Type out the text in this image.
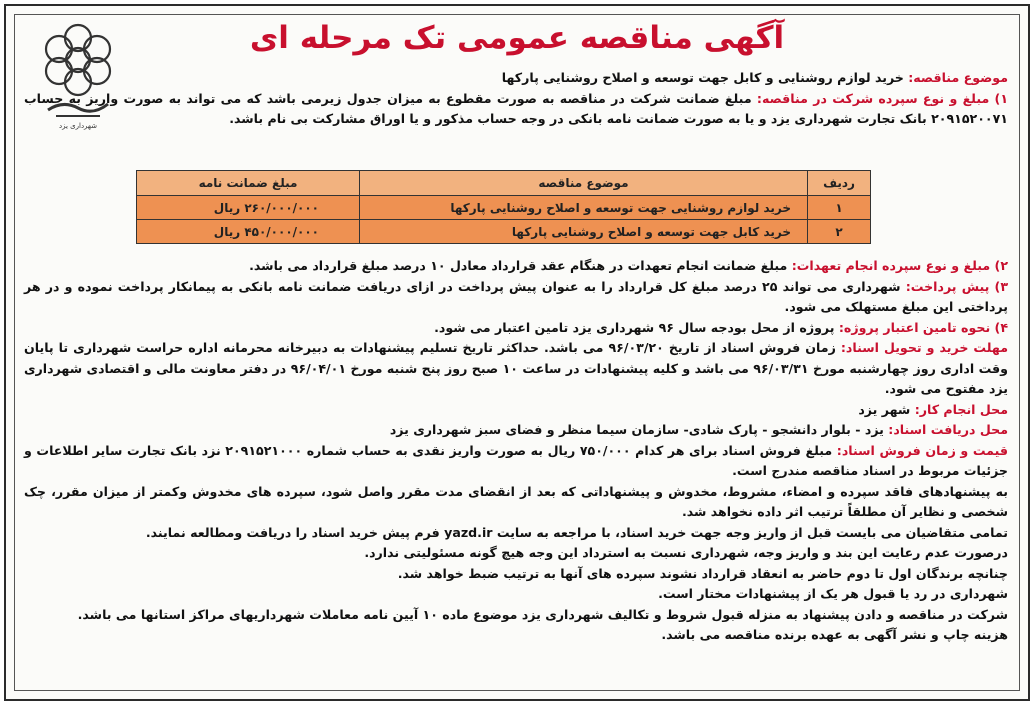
شهرداری یزد
آگهی مناقصه عمومی تک مرحله ای

موضوع مناقصه: خرید لوازم روشنایی و کابل جهت توسعه و اصلاح روشنایی پارکها

۱) مبلغ و نوع سپرده شرکت در مناقصه: مبلغ ضمانت شرکت در مناقصه به صورت مقطوع به میزان جدول زیرمی باشد که می تواند به صورت واریز به حساب ۲۰۹۱۵۲۰۰۷۱ بانک تجارت شهرداری یزد و یا به صورت ضمانت نامه بانکی در وجه حساب مذکور و یا اوراق مشارکت بی نام باشد.

ردیف	موضوع مناقصه	مبلغ ضمانت نامه
۱	خرید لوازم روشنایی جهت توسعه و اصلاح روشنایی پارکها	۲۶۰/۰۰۰/۰۰۰ ریال
۲	خرید کابل جهت توسعه و اصلاح روشنایی پارکها	۴۵۰/۰۰۰/۰۰۰ ریال

۲) مبلغ و نوع سپرده انجام تعهدات: مبلغ ضمانت انجام تعهدات در هنگام عقد قرارداد معادل ۱۰ درصد مبلغ قرارداد می باشد.

۳) پیش پرداخت: شهرداری می تواند ۲۵ درصد مبلغ کل قرارداد را به عنوان پیش پرداخت در ازای دریافت ضمانت نامه بانکی به پیمانکار پرداخت نموده و در هر پرداختی این مبلغ مستهلک می شود.

۴) نحوه تامین اعتبار پروژه: پروژه از محل بودجه سال ۹۶ شهرداری یزد تامین اعتبار می شود.

مهلت خرید و تحویل اسناد: زمان فروش اسناد از تاریخ ۹۶/۰۳/۲۰ می باشد. حداکثر تاریخ تسلیم پیشنهادات به دبیرخانه محرمانه اداره حراست شهرداری تا پایان وقت اداری روز چهارشنبه مورخ ۹۶/۰۳/۳۱ می باشد و کلیه پیشنهادات در ساعت ۱۰ صبح روز پنج شنبه مورخ ۹۶/۰۴/۰۱ در دفتر معاونت مالی و اقتصادی شهرداری یزد مفتوح می شود.

محل انجام کار: شهر یزد

محل دریافت اسناد: یزد - بلوار دانشجو - پارک شادی- سازمان سیما منظر و فضای سبز شهرداری یزد

قیمت و زمان فروش اسناد: مبلغ فروش اسناد برای هر کدام ۷۵۰/۰۰۰ ریال به صورت واریز نقدی به حساب شماره ۲۰۹۱۵۲۱۰۰۰ نزد بانک تجارت سایر اطلاعات و جزئیات مربوط در اسناد مناقصه مندرج است.

به پیشنهادهای فاقد سپرده و امضاء، مشروط، مخدوش و پیشنهاداتی که بعد از انقضای مدت مقرر واصل شود، سپرده های مخدوش وکمتر از میزان مقرر، چک شخصی و نظایر آن مطلقاً ترتیب اثر داده نخواهد شد.

تمامی متقاضیان می بایست قبل از واریز وجه جهت خرید اسناد، با مراجعه به سایت yazd.ir فرم پیش خرید اسناد را دریافت ومطالعه نمایند.

درصورت عدم رعایت این بند و واریز وجه، شهرداری نسبت به استرداد این وجه هیچ گونه مسئولیتی ندارد.

چنانچه برندگان اول تا دوم حاضر به انعقاد قرارداد نشوند سپرده های آنها به ترتیب ضبط خواهد شد.

شهرداری در رد یا قبول هر یک از پیشنهادات مختار است.

شرکت در مناقصه و دادن پیشنهاد به منزله قبول شروط و تکالیف شهرداری یزد موضوع ماده ۱۰ آیین نامه معاملات شهرداریهای مراکز استانها می باشد.

هزینه چاپ و نشر آگهی به عهده برنده مناقصه می باشد.
